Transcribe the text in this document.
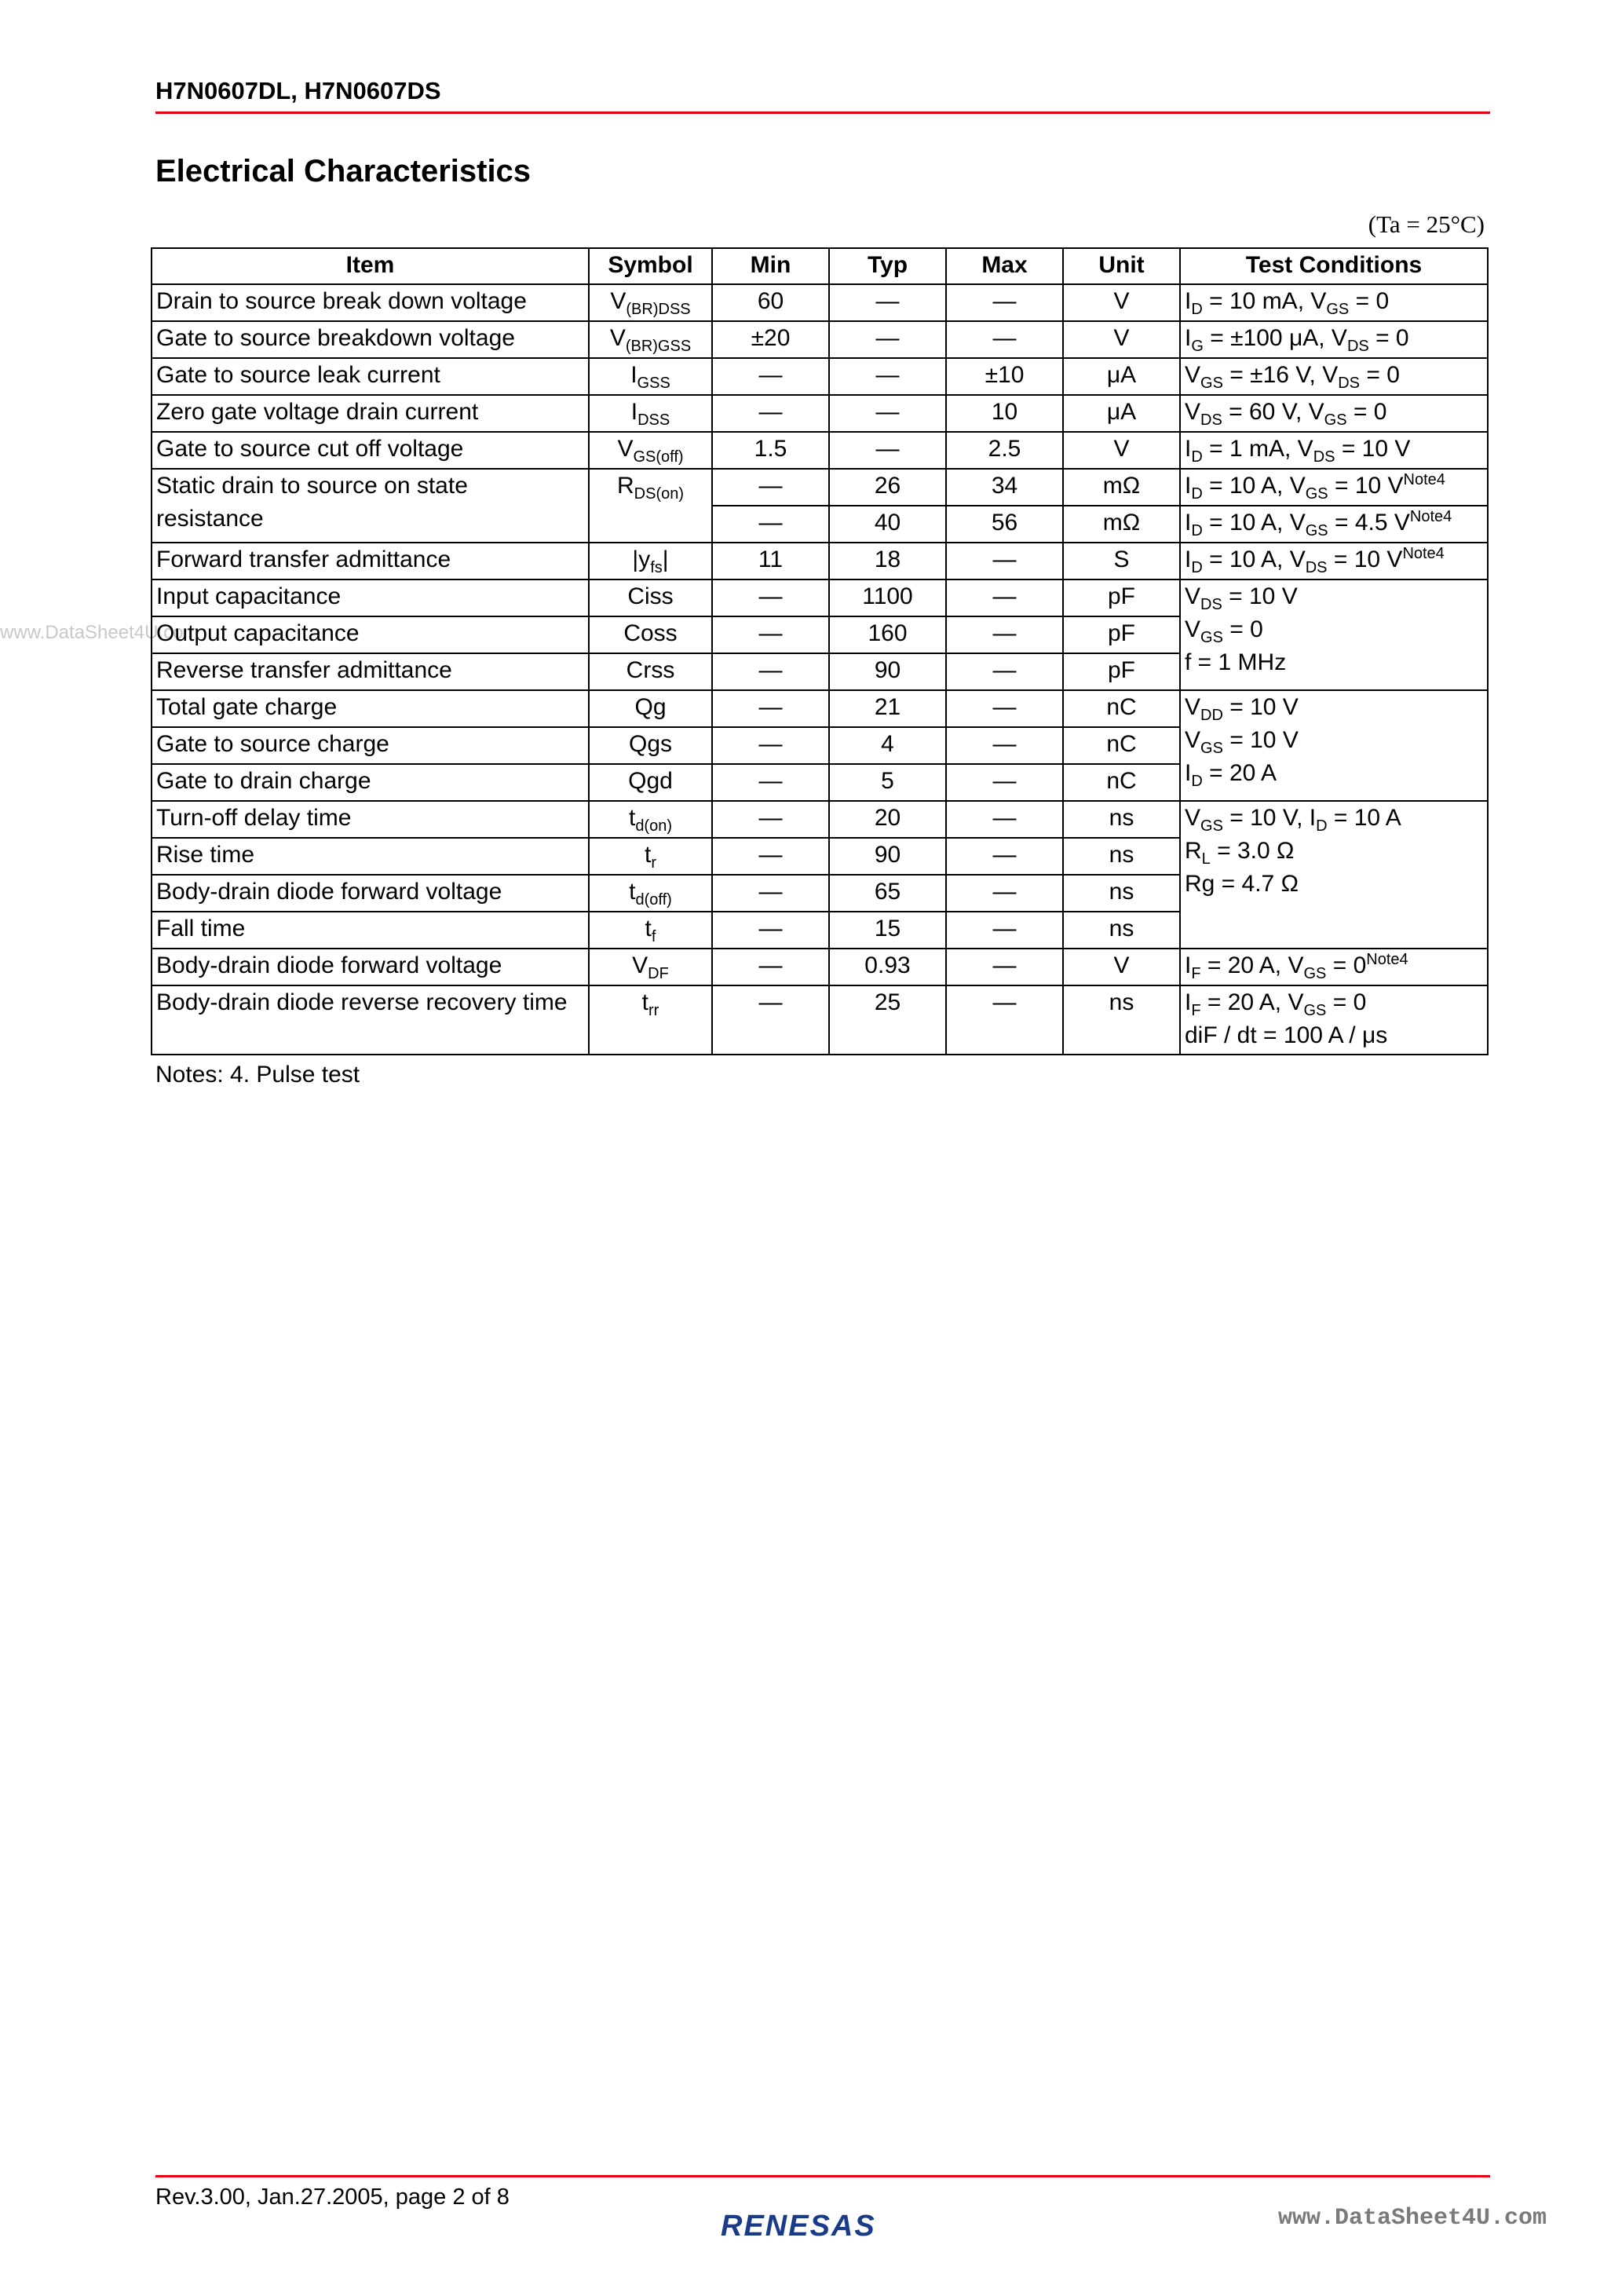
H7N0607DL, H7N0607DS
Electrical Characteristics
(Ta = 25°C)
www.DataSheet4U.com
Item	Symbol	Min	Typ	Max	Unit	Test Conditions
Drain to source break down voltage	$V_{(BR)DSS}$	60	—	—	V	$I_D = 10$ mA, $V_{GS} = 0$
Gate to source breakdown voltage	$V_{(BR)GSS}$	±20	—	—	V	$I_G = \pm 100$ μA, $V_{DS} = 0$
Gate to source leak current	$I_{GSS}$	—	—	±10	μA	$V_{GS} = \pm 16$ V, $V_{DS} = 0$
Zero gate voltage drain current	$I_{DSS}$	—	—	10	μA	$V_{DS} = 60$ V, $V_{GS} = 0$
Gate to source cut off voltage	$V_{GS(off)}$	1.5	—	2.5	V	$I_D = 1$ mA, $V_{DS} = 10$ V

Static drain to source on state
resistance	$R_{DS(on)}$	—	26	34	mΩ	$I_D = 10$ A, $V_{GS} = 10$ $V^{Note4}$
		—	40	56	mΩ	$I_D = 10$ A, $V_{GS} = 4.5$ $V^{Note4}$
Forward transfer admittance	$|y_{fs}|$	11	18	—	S	$I_D = 10$ A, $V_{DS} = 10$ $V^{Note4}$
Input capacitance	Ciss	—	1100	—	pF	$V_{DS} = 10$ V
$V_{GS} = 0$
f = 1 MHz

Output capacitance	Coss	—	160	—	pF	
Reverse transfer admittance	Crss	—	90	—	pF	
Total gate charge	Qg	—	21	—	nC	$V_{DD} = 10$ V
$V_{GS} = 10$ V
$I_D = 20$ A

Gate to source charge	Qgs	—	4	—	nC	
Gate to drain charge	Qgd	—	5	—	nC	
Turn-off delay time	$t_{d(on)}$	—	20	—	ns	$V_{GS} = 10$ V, $I_D = 10$ A
$R_L = 3.0$ Ω
Rg = 4.7 Ω

Rise time	$t_r$	—	90	—	ns	
Body-drain diode forward voltage	$t_{d(off)}$	—	65	—	ns	
Fall time	$t_f$	—	15	—	ns	
Body-drain diode forward voltage	$V_{DF}$	—	0.93	—	V	$I_F = 20$ A, $V_{GS} = 0^{Note4}$
Body-drain diode reverse recovery time	$t_{rr}$	—	25	—	ns	$I_F = 20$ A, $V_{GS} = 0$
diF / dt = 100 A / μs
Notes: 4. Pulse test
Rev.3.00, Jan.27.2005, page 2 of 8
RENESAS	www.DataSheet4U.com
